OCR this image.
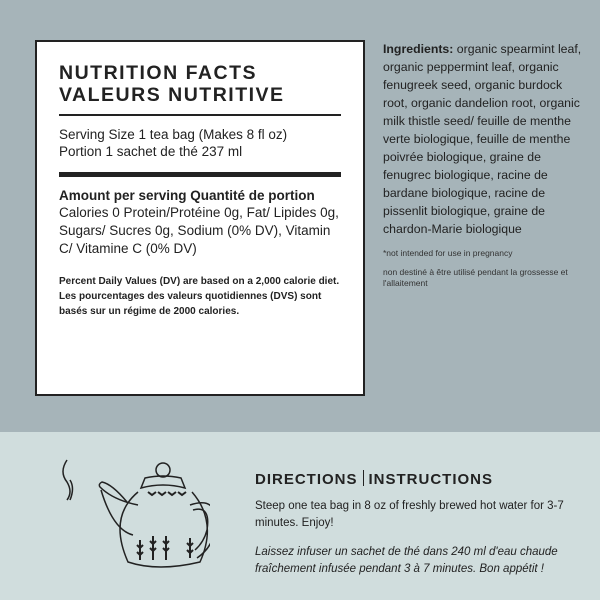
NUTRITION FACTS
VALEURS NUTRITIVE
Serving Size 1 tea bag (Makes 8 fl oz)
Portion 1 sachet de thé 237 ml
Amount per serving Quantité de portion
Calories 0 Protein/Protéine 0g, Fat/ Lipides 0g, Sugars/ Sucres 0g, Sodium (0% DV), Vitamin C/ Vitamine C (0% DV)

Percent Daily Values (DV) are based on a 2,000 calorie diet.

Les pourcentages des valeurs quotidiennes (DVS) sont basés sur un régime de 2000 calories.

Ingredients: organic spearmint leaf, organic peppermint leaf, organic fenugreek seed, organic burdock root, organic dandelion root, organic milk thistle seed/ feuille de menthe verte biologique, feuille de menthe poivrée biologique, graine de fenugrec biologique, racine de bardane biologique, racine de pissenlit biologique, graine de chardon-Marie biologique
*not intended for use in pregnancy
non destiné à être utilisé pendant la grossesse et l'allaitement
DIRECTIONS INSTRUCTIONS
Steep one tea bag in 8 oz of freshly brewed hot water for 3-7 minutes. Enjoy!
Laissez infuser un sachet de thé dans 240 ml d'eau chaude fraîchement infusée pendant 3 à 7 minutes. Bon appétit !
